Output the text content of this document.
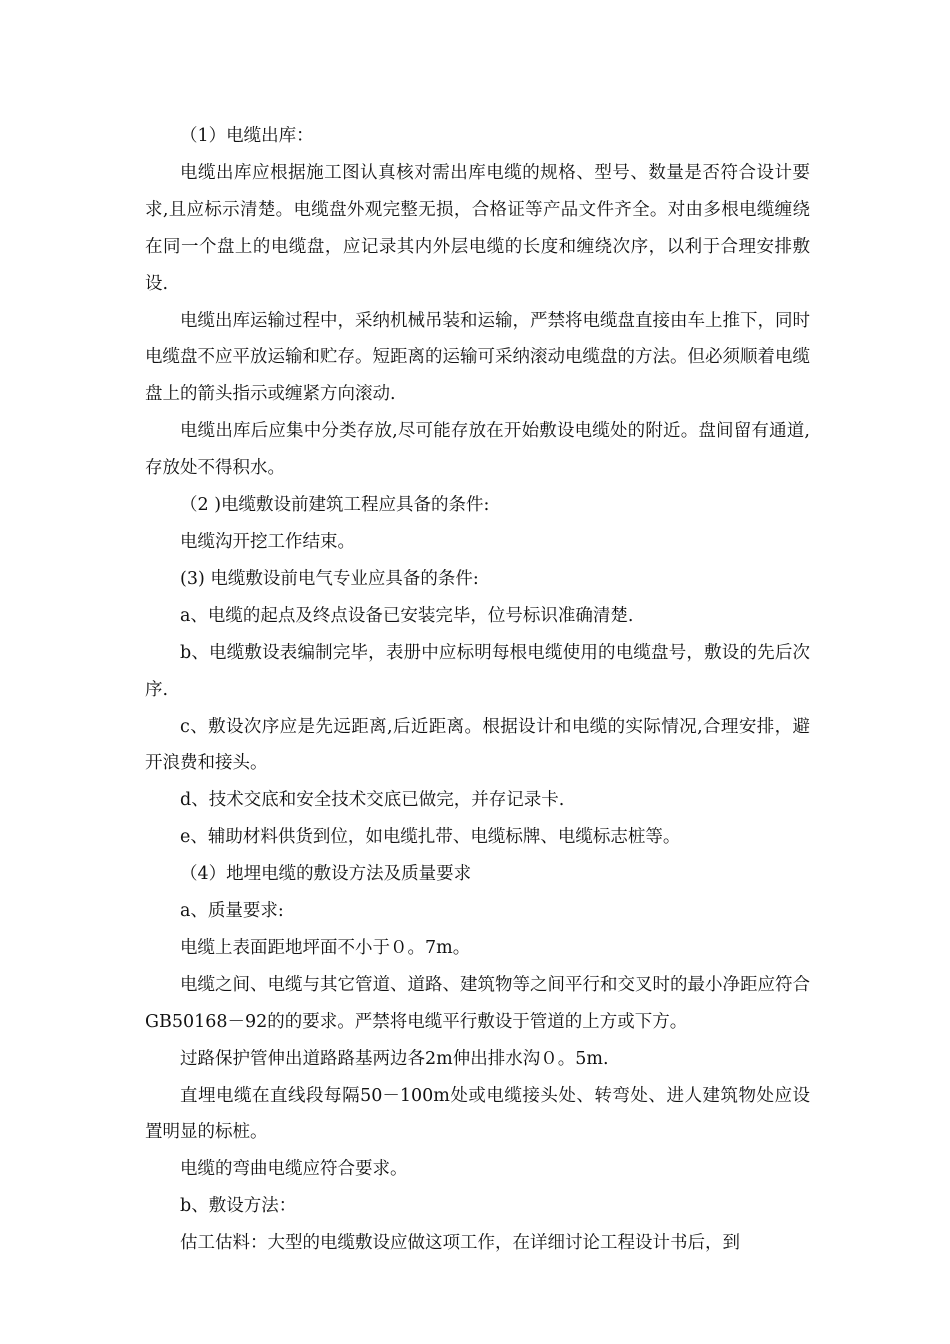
（1）电缆出库：

电缆出库应根据施工图认真核对需出库电缆的规格、型号、数量是否符合设计要求,且应标示清楚。电缆盘外观完整无损，合格证等产品文件齐全。对由多根电缆缠绕在同一个盘上的电缆盘，应记录其内外层电缆的长度和缠绕次序，以利于合理安排敷设.

电缆出库运输过程中，采纳机械吊装和运输，严禁将电缆盘直接由车上推下，同时电缆盘不应平放运输和贮存。短距离的运输可采纳滚动电缆盘的方法。但必须顺着电缆盘上的箭头指示或缠紧方向滚动.

电缆出库后应集中分类存放,尽可能存放在开始敷设电缆处的附近。盘间留有通道,存放处不得积水。

（2 )电缆敷设前建筑工程应具备的条件:

电缆沟开挖工作结束。

(3) 电缆敷设前电气专业应具备的条件:

a、电缆的起点及终点设备已安装完毕，位号标识准确清楚.

b、电缆敷设表编制完毕，表册中应标明每根电缆使用的电缆盘号，敷设的先后次序.

c、敷设次序应是先远距离,后近距离。根据设计和电缆的实际情况,合理安排，避开浪费和接头。

d、技术交底和安全技术交底已做完，并存记录卡.

e、辅助材料供货到位，如电缆扎带、电缆标牌、电缆标志桩等。

（4）地埋电缆的敷设方法及质量要求

a、质量要求:

电缆上表面距地坪面不小于０。7m。

电缆之间、电缆与其它管道、道路、建筑物等之间平行和交叉时的最小净距应符合GB50168－92的的要求。严禁将电缆平行敷设于管道的上方或下方。

过路保护管伸出道路路基两边各2m伸出排水沟０。5m.

直埋电缆在直线段每隔50－100m处或电缆接头处、转弯处、进人建筑物处应设置明显的标桩。

电缆的弯曲电缆应符合要求。

b、敷设方法：

估工估料：大型的电缆敷设应做这项工作，在详细讨论工程设计书后，到
